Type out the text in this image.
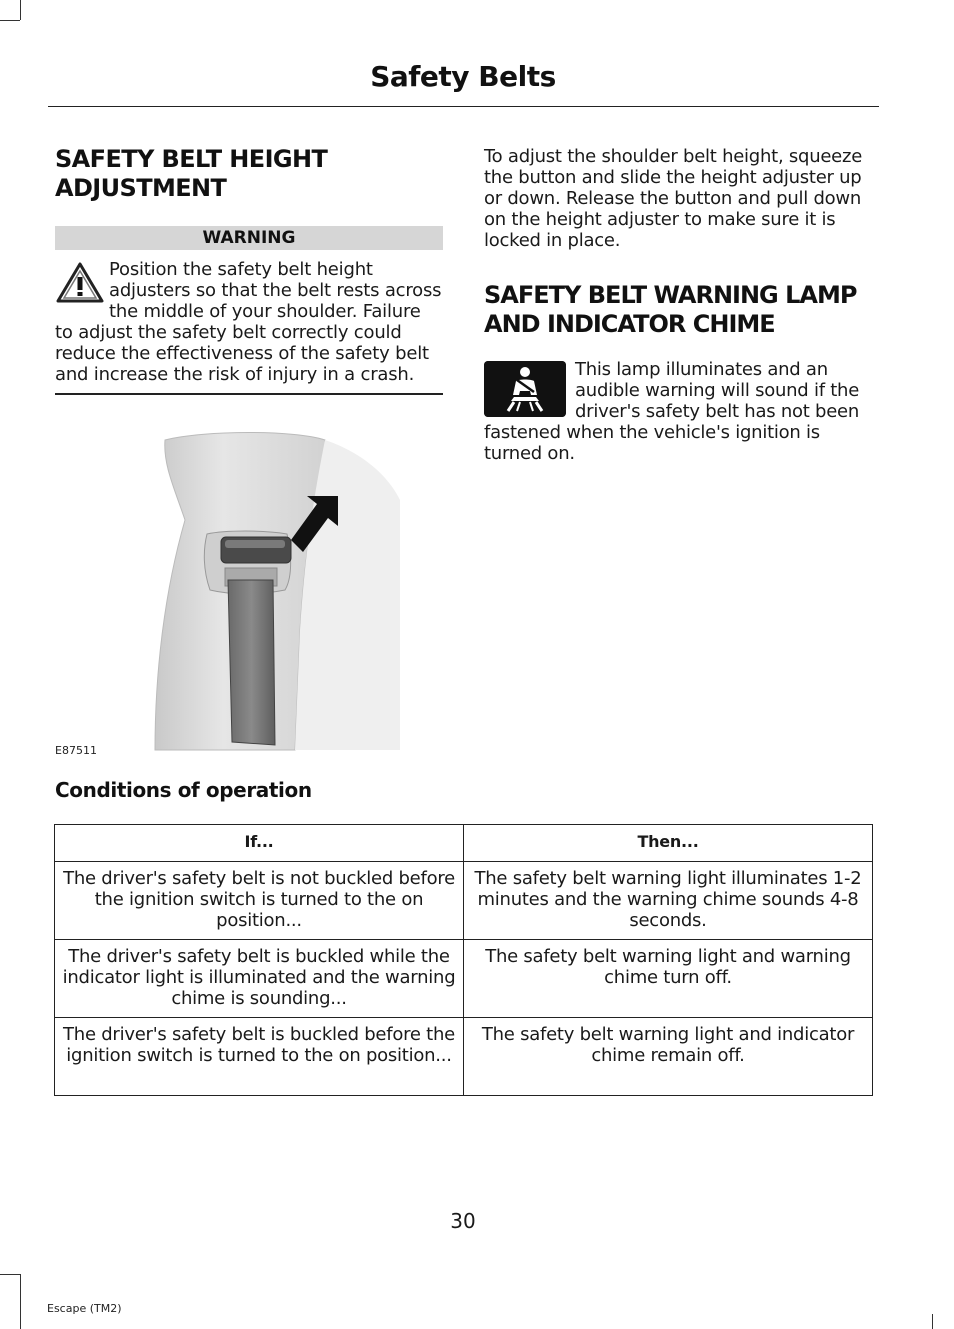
Safety Belts
SAFETY BELT HEIGHT ADJUSTMENT
WARNING
Position the safety belt height adjusters so that the belt rests across the middle of your shoulder. Failure to adjust the safety belt correctly could reduce the effectiveness of the safety belt and increase the risk of injury in a crash.
E87511

To adjust the shoulder belt height, squeeze the button and slide the height adjuster up or down. Release the button and pull down on the height adjuster to make sure it is locked in place.

SAFETY BELT WARNING LAMP AND INDICATOR CHIME
This lamp illuminates and an audible warning will sound if the driver's safety belt has not been fastened when the vehicle's ignition is turned on.
Conditions of operation
If...	Then...
The driver's safety belt is not buckled before the ignition switch is turned to the on position...	The safety belt warning light illuminates 1-2 minutes and the warning chime sounds 4-8 seconds.
The driver's safety belt is buckled while the indicator light is illuminated and the warning chime is sounding...	The safety belt warning light and warning chime turn off.
The driver's safety belt is buckled before the ignition switch is turned to the on position...	The safety belt warning light and indicator chime remain off.
30
Escape (TM2)
